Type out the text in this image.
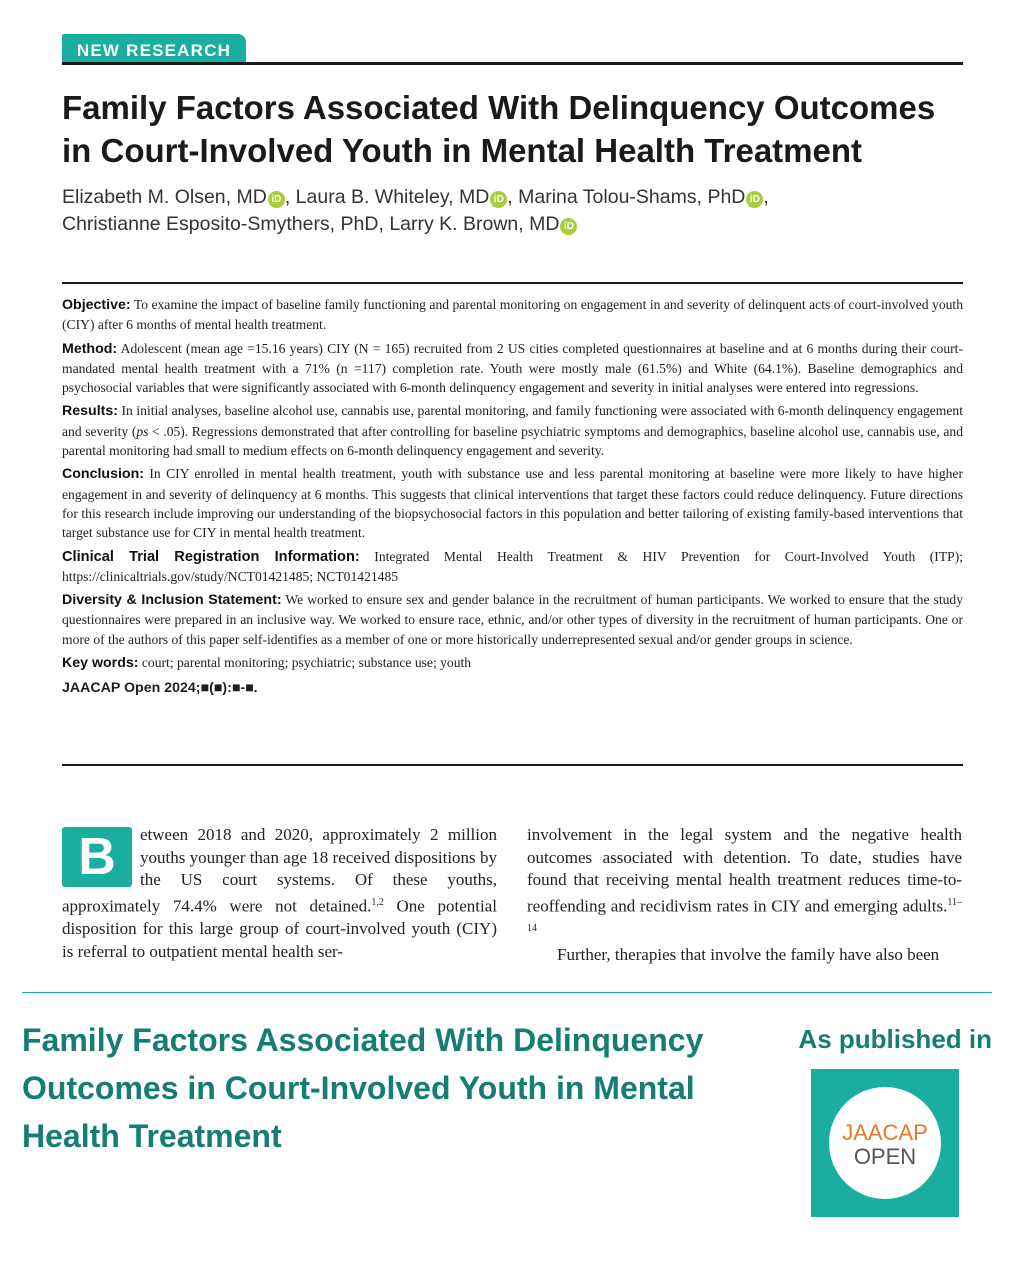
NEW RESEARCH
Family Factors Associated With Delinquency Outcomes in Court-Involved Youth in Mental Health Treatment
Elizabeth M. Olsen, MD iD , Laura B. Whiteley, MD iD , Marina Tolou-Shams, PhD iD ,
Christianne Esposito-Smythers, PhD, Larry K. Brown, MD iD

Objective: To examine the impact of baseline family functioning and parental monitoring on engagement in and severity of delinquent acts of court-involved youth (CIY) after 6 months of mental health treatment.

Method: Adolescent (mean age =15.16 years) CIY (N = 165) recruited from 2 US cities completed questionnaires at baseline and at 6 months during their court-mandated mental health treatment with a 71% (n =117) completion rate. Youth were mostly male (61.5%) and White (64.1%). Baseline demographics and psychosocial variables that were significantly associated with 6-month delinquency engagement and severity in initial analyses were entered into regressions.

Results: In initial analyses, baseline alcohol use, cannabis use, parental monitoring, and family functioning were associated with 6-month delinquency engagement and severity (ps < .05). Regressions demonstrated that after controlling for baseline psychiatric symptoms and demographics, baseline alcohol use, cannabis use, and parental monitoring had small to medium effects on 6-month delinquency engagement and severity.

Conclusion: In CIY enrolled in mental health treatment, youth with substance use and less parental monitoring at baseline were more likely to have higher engagement in and severity of delinquency at 6 months. This suggests that clinical interventions that target these factors could reduce delinquency. Future directions for this research include improving our understanding of the biopsychosocial factors in this population and better tailoring of existing family-based interventions that target substance use for CIY in mental health treatment.

Clinical Trial Registration Information: Integrated Mental Health Treatment & HIV Prevention for Court-Involved Youth (ITP); https://clinicaltrials.gov/study/NCT01421485; NCT01421485

Diversity & Inclusion Statement: We worked to ensure sex and gender balance in the recruitment of human participants. We worked to ensure that the study questionnaires were prepared in an inclusive way. We worked to ensure race, ethnic, and/or other types of diversity in the recruitment of human participants. One or more of the authors of this paper self-identifies as a member of one or more historically underrepresented sexual and/or gender groups in science.

Key words: court; parental monitoring; psychiatric; substance use; youth

JAACAP Open 2024;■(■):■-■.

B	etween 2018 and 2020, approximately 2 million youths younger than age 18 received dispositions by the US court systems. Of these youths, approximately 74.4% were not detained.$^{1,2}$ One potential disposition for this large group of court-involved youth (CIY) is referral to outpatient mental health ser-

involvement in the legal system and the negative health outcomes associated with detention. To date, studies have found that receiving mental health treatment reduces time-to-reoffending and recidivism rates in CIY and emerging adults.$^{11-14}$

Further, therapies that involve the family have also been

Family Factors Associated With Delinquency Outcomes in Court-Involved Youth in Mental Health Treatment
As published in
JAACAP
OPEN
